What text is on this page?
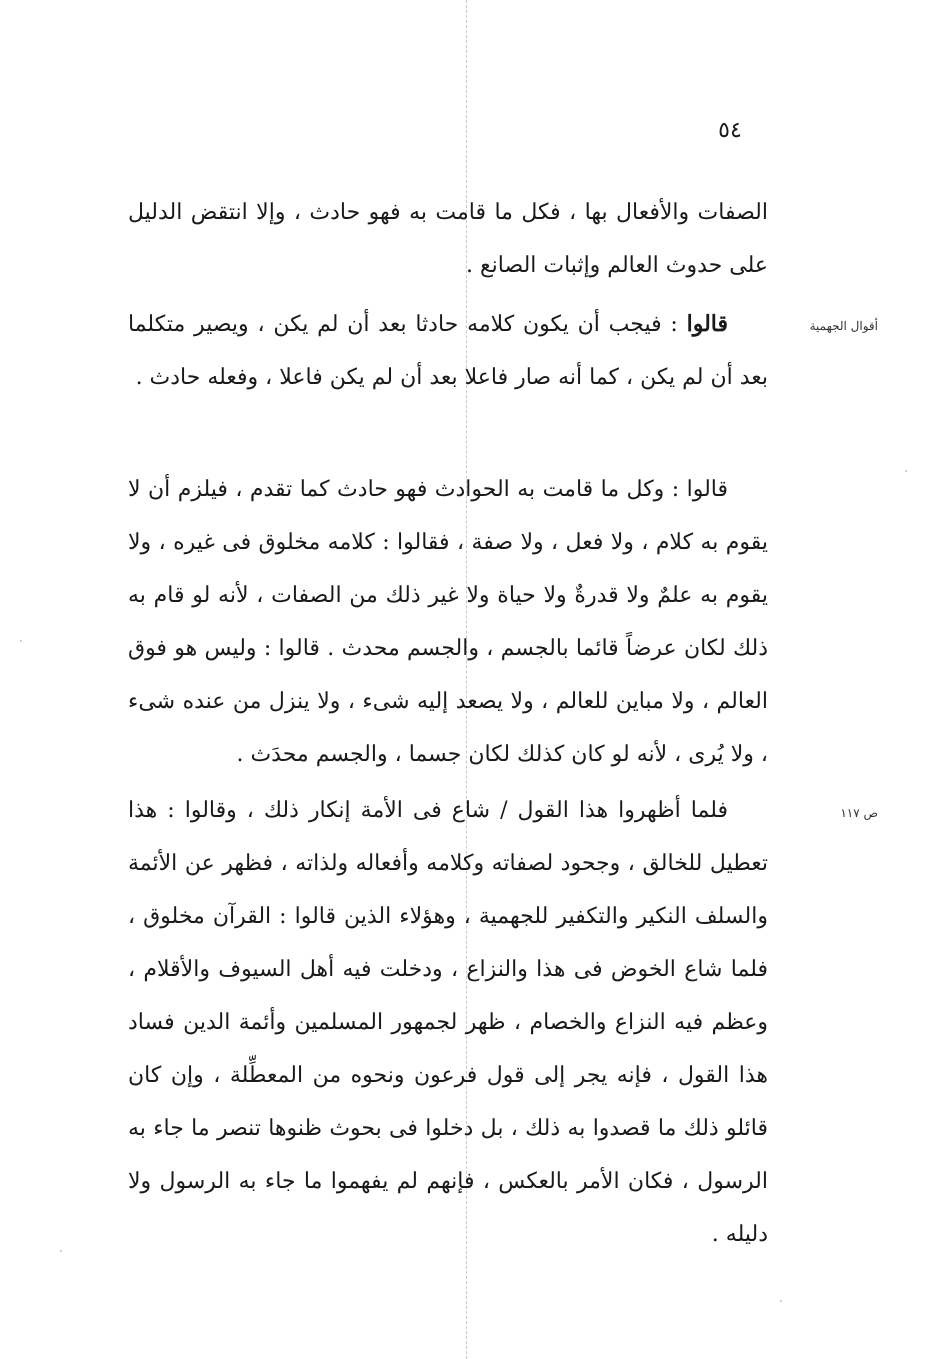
٥٤
أقوال الجهمية
ص ١١٧

الصفات والأفعال بها ، فكل ما قامت به فهو حادث ، وإلا انتقض الدليل على حدوث العالم وإثبات الصانع .

قالوا : فيجب أن يكون كلامه حادثا بعد أن لم يكن ، ويصير متكلما بعد أن لم يكن ، كما أنه صار فاعلا بعد أن لم يكن فاعلا ، وفعله حادث .

قالوا : وكل ما قامت به الحوادث فهو حادث كما تقدم ، فيلزم أن لا يقوم به كلام ، ولا فعل ، ولا صفة ، فقالوا : كلامه مخلوق فى غيره ، ولا يقوم به علمٌ ولا قدرةٌ ولا حياة ولا غير ذلك من الصفات ، لأنه لو قام به ذلك لكان عرضاً قائما بالجسم ، والجسم محدث . قالوا : وليس هو فوق العالم ، ولا مباين للعالم ، ولا يصعد إليه شىء ، ولا ينزل من عنده شىء ، ولا يُرى ، لأنه لو كان كذلك لكان جسما ، والجسم محدَث .

فلما أظهروا هذا القول / شاع فى الأمة إنكار ذلك ، وقالوا : هذا تعطيل للخالق ، وجحود لصفاته وكلامه وأفعاله ولذاته ، فظهر عن الأئمة والسلف النكير والتكفير للجهمية ، وهؤلاء الذين قالوا : القرآن مخلوق ، فلما شاع الخوض فى هذا والنزاع ، ودخلت فيه أهل السيوف والأقلام ، وعظم فيه النزاع والخصام ، ظهر لجمهور المسلمين وأئمة الدين فساد هذا القول ، فإنه يجر إلى قول فرعون ونحوه من المعطِّلة ، وإن كان قائلو ذلك ما قصدوا به ذلك ، بل دخلوا فى بحوث ظنوها تنصر ما جاء به الرسول ، فكان الأمر بالعكس ، فإنهم لم يفهموا ما جاء به الرسول ولا دليله .
